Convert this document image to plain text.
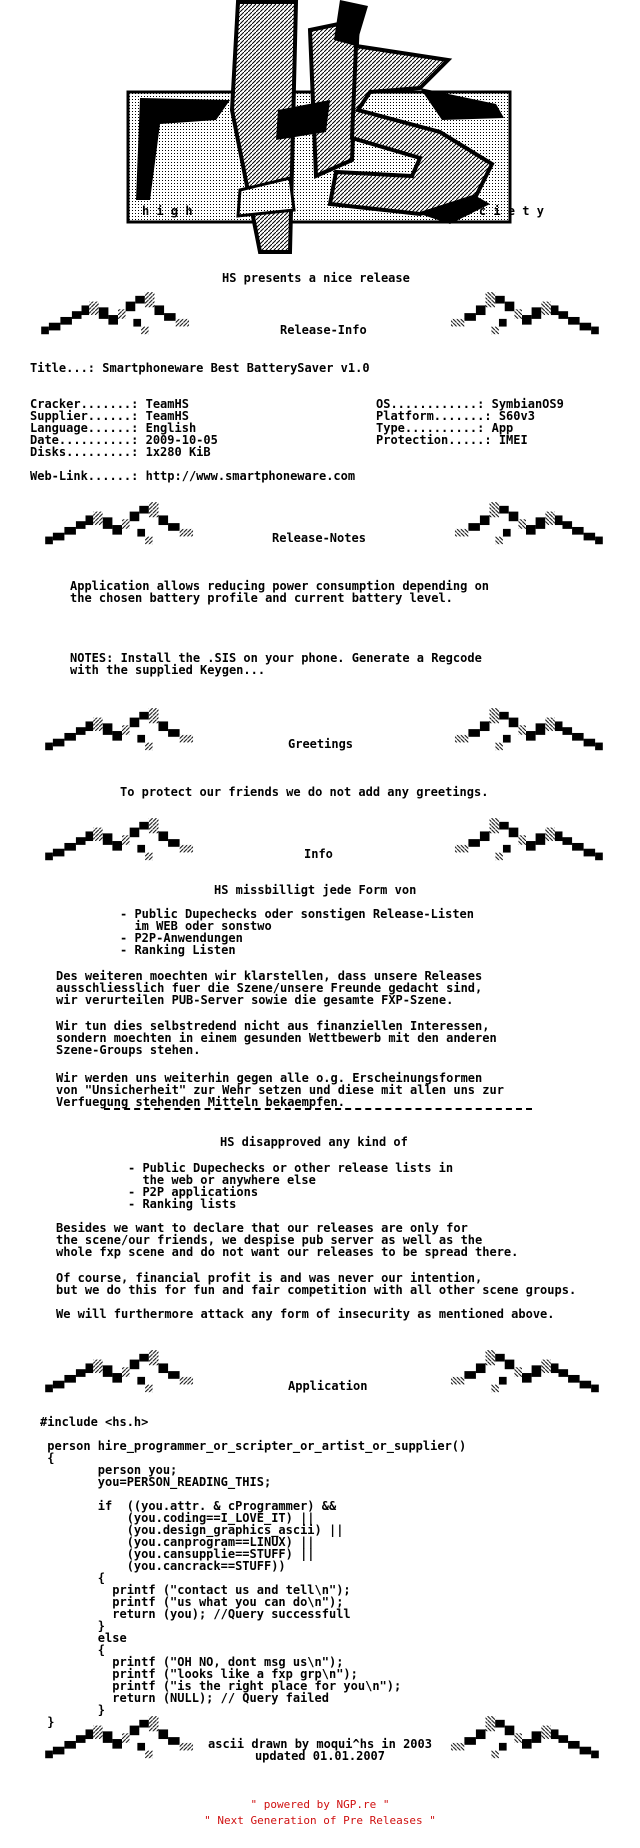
h i g h	s o c i e t y
HS presents a nice release
Release-Info
Title...: Smartphoneware Best BatterySaver v1.0
Cracker.......: TeamHS
Supplier......: TeamHS
Language......: English
Date..........: 2009-10-05
Disks.........: 1x280 KiB
OS............: SymbianOS9
Platform.......: S60v3
Type..........: App
Protection.....: IMEI
Web-Link......: http://www.smartphoneware.com
Release-Notes
Application allows reducing power consumption depending on
the chosen battery profile and current battery level.
NOTES: Install the .SIS on your phone. Generate a Regcode
with the supplied Keygen...
Greetings
To protect our friends we do not add any greetings.
Info
HS missbilligt jede Form von
- Public Dupechecks oder sonstigen Release-Listen
im WEB oder sonstwo
- P2P-Anwendungen
- Ranking Listen
Des weiteren moechten wir klarstellen, dass unsere Releases
ausschliesslich fuer die Szene/unsere Freunde gedacht sind,
wir verurteilen PUB-Server sowie die gesamte FXP-Szene.
Wir tun dies selbstredend nicht aus finanziellen Interessen,
sondern moechten in einem gesunden Wettbewerb mit den anderen
Szene-Groups stehen.
Wir werden uns weiterhin gegen alle o.g. Erscheinungsformen
von "Unsicherheit" zur Wehr setzen und diese mit allen uns zur
Verfuegung stehenden Mitteln bekaempfen.
HS disapproved any kind of
- Public Dupechecks or other release lists in
the web or anywhere else
- P2P applications
- Ranking lists
Besides we want to declare that our releases are only for
the scene/our friends, we despise pub server as well as the
whole fxp scene and do not want our releases to be spread there.
Of course, financial profit is and was never our intention,
but we do this for fun and fair competition with all other scene groups.
We will furthermore attack any form of insecurity as mentioned above.
Application
#include <hs.h>

person hire_programmer_or_scripter_or_artist_or_supplier()
{
person you;
you=PERSON_READING_THIS;

if  ((you.attr. & cProgrammer) &&
(you.coding==I_LOVE_IT) ||
(you.design_graphics_ascii) ||
(you.canprogram==LINUX) ||
(you.cansupplie==STUFF) ||
(you.cancrack==STUFF))
{
printf ("contact us and tell\n");
printf ("us what you can do\n");
return (you); //Query successfull
}
else
{
printf ("OH NO, dont msg us\n");
printf ("looks like a fxp grp\n");
printf ("is the right place for you\n");
return (NULL); // Query failed
}
}
ascii drawn by moqui^hs in 2003
updated 01.01.2007
" powered by NGP.re "
" Next Generation of Pre Releases "
